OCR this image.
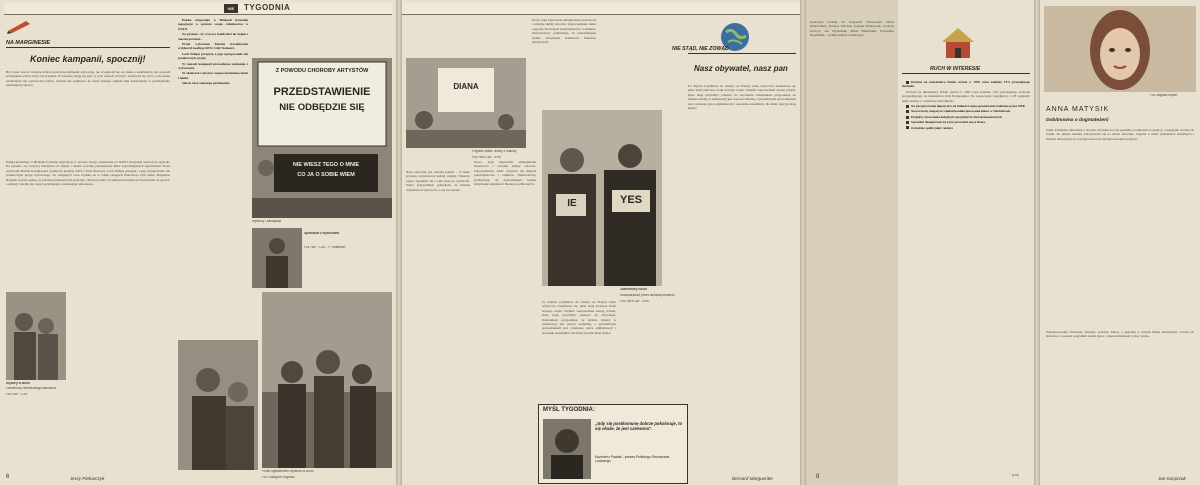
NIE	TYGODNIA
NA MARGINESIE
Koniec kampanii, spocznij!
Być może wracać uwierzę dobrze przeciwną kampanii wyborczej, ale wydaje mi się, że żadna z kandydatów nie wyszedł szczególnie wśród, który nie wynikał. W zasadzie mogę się było w tych czasach wtórzyć, zachowali się, że to z nie mniej widzialnym nie wyrzuconej wybór, chociaż nie wyklucza, że część naszego wkładu dała kandydatom w przemyśleniu interesującej sprawy.
Polska potrzebuje w Brukseli formalne negocjacje w sprawie swego członkostwa w NATO. Prezydent wezwał do spokoju. Na pytanie: czy wszyscy kandydaci do Sejmu i Senatu powinni przedstawiać kilka najważniejszych zapowiedzi? Przed wyborami Marian Krzaklewski wykluczył koalicję AWS i Unii Wolności. Lech Wałęsa przegrał, a jego ugrupowanie nie przekroczyło progu wyborczego. Ze wstępnych ocen wynika, że w wielu okręgach frekwencja była niska. Bogusław Bogatek wyraża opinię, że przebieg kampanii był spokojny i merytoryczny. W niektórych miejscach dochodziło do sporów o plakaty i ulotki, ale całość przebiegała w kulturalnej atmosferze.
Jerzy Piekarczyk
6

Polska rozpoczęła w Brukseli formalne negocjacje w sprawie swego członkostwa w NATO.

Na pytanie: czy wszyscy kandydaci do Sejmu i Senatu powinni...

Przed wyborami Marian Krzaklewski wykluczył koalicję AWS i Unii Wolności.

Lech Wałęsa przegrał, a jego ugrupowanie nie przekroczyło progu.

W ramach kampanii prowadzono spotkania z wyborcami.

W okolicach wyborów rozpowszechniono hasła i ulotki.

Szkoci chcą własnego parlamentu.

Z POWODU CHOROBY ARTYSTÓW
PRZEDSTAWIENIE
NIE ODBĘDZIE SIĘ
NIE WIESZ TEGO O MNIE
CO JA O SOBIE WIEM
Wyborcy i kandydaci
Spotkanie z wyborcami
Fot. PAP - CAF - P. Wittmann
Wybory w Bonn
Zwolennicy niemieckiego kanclerza
Fot. PAP - CAF
Przed ogłoszeniem wyników w Bonn
Fot. Grzegorz Rogiński
DIANA
Pogrzeb Matki Teresy z Kalkuty
Fot. PAP/CAF - EPA
Nowy rząd zapowiada zmniejszenie bezrobocia i reformę służby zdrowia. Zapowiedziano także wsparcie dla małych przedsiębiorstw i rolników. Obserwatorzy podkreślają, że najważniejsze będzie utrzymanie stabilności finansów publicznych.
Nasz obywatel jest naszym panem – to hasło powinno przyświecać każdej władzy. Niestety, często zapomina się o nim zaraz po wyborach. Warto przypominać politykom, że mandat otrzymali od wyborców, a nie na zawsze.
Nowy rząd zapowiada zmniejszenie bezrobocia i reformę służby zdrowia. Zapowiedziano także wsparcie dla małych przedsiębiorstw i rolników. Obserwatorzy podkreślają, że najważniejsze będzie utrzymanie stabilności finansów publicznych.
IE	YES
Zwolennicy ruchu
Wolontariusze przed siedzibą komitetu
Fot. PAP/CAF - EPA
Po dojściu socjalistów do władzy we Francji wielu wyborców zastanawia się, jakie będą pierwsze kroki nowego rządu. Premier zapowiedział szereg reform, które mają przybliżyć państwo do obywatela. Dziennikarz przypomina, że zmiana władzy w demokracji jest rzeczą normalną, a prawdziwym sprawdzianem jest codzienna praca administracji i szacunek urzędników dla ludzi, którym mają służyć.
MYŚL TYGODNIA:
„Gdy się postkomunę dobrze pokoloruje, to się okaże, że jest czerwona".
Kazimierz Pawlak - prezes Polskiego Stronnictwa Ludowego
NIE STĄD, NIE ZOWĄD
Nasz obywatel, nasz pan
Po dojściu socjalistów do władzy we Francji wielu wyborców zastanawia się, jakie będą pierwsze kroki nowego rządu. Premier zapowiedział szereg reform, które mają przybliżyć państwo do obywatela. Dziennikarz przypomina, że zmiana władzy w demokracji jest rzeczą normalną, a prawdziwym sprawdzianem jest codzienna praca administracji i szacunek urzędników dla ludzi, którym mają służyć.
Bernard Margueritte
Katarzyna Cieślak, 47, Krzysztof Fedorowski, Marta Dziewońska, Dariusz Wilczek, Tadeusz Rutkowski, Grażyna Gawryś, Jan Szymański, Maria Budzyńska, Eugeniusz Kopaliński – wyniki ankiety redakcyjnej
8
RUCH W INTERESIE

Dochód na mieszkańca Polski wzrósł w 1995 roku zależnie 14% przeciętnego dochodu.

Dochód na mieszkańca Polski wzrósł w 1995 roku zależnie 14% przeciętnego dochodu przypadającego na mieszkańca Unii Europejskiej. Na rozpoczęcie współpracy z UE wpłynęły także zmiany w strukturze zatrudnienia.

Na przyjmowanie depozytów od ludności ciążą ograniczenia nałożone przez NBP.

Nowoczesny magazyn i zakład konfekcjonowania leków w Duchnicach.

Projekty utworzenia kolejnych specjalnych stref ekonomicznych.

Sprzedaż ubezpieczeń na życie prowadzi nowa firma.

Ostrożnie spółki joint venture

(r-cz)
Fot. Bogdan Krężel
ANNA MATYSIK
Dobitnowna o dogmateżerii
Wiek: Pomiędzy dzieckiem a dorosłą. Początkowe lata spędziła z rodzicami za granicą, a następnie wróciła do Polski. Po szkole średniej zdecydowała się na studia aktorskie. Zagrała w kilku spektaklach teatralnych i filmach telewizyjnych. Jej najnowsza rola zdobyła uznanie krytyków.
Zainteresowania: literatura, muzyka, podróże. Marzy o zagraniu w dużym filmie fabularnym. Uważa, że aktorstwo to przede wszystkim ciężka praca i odpowiedzialność wobec widza.
Jan Kasprzak
